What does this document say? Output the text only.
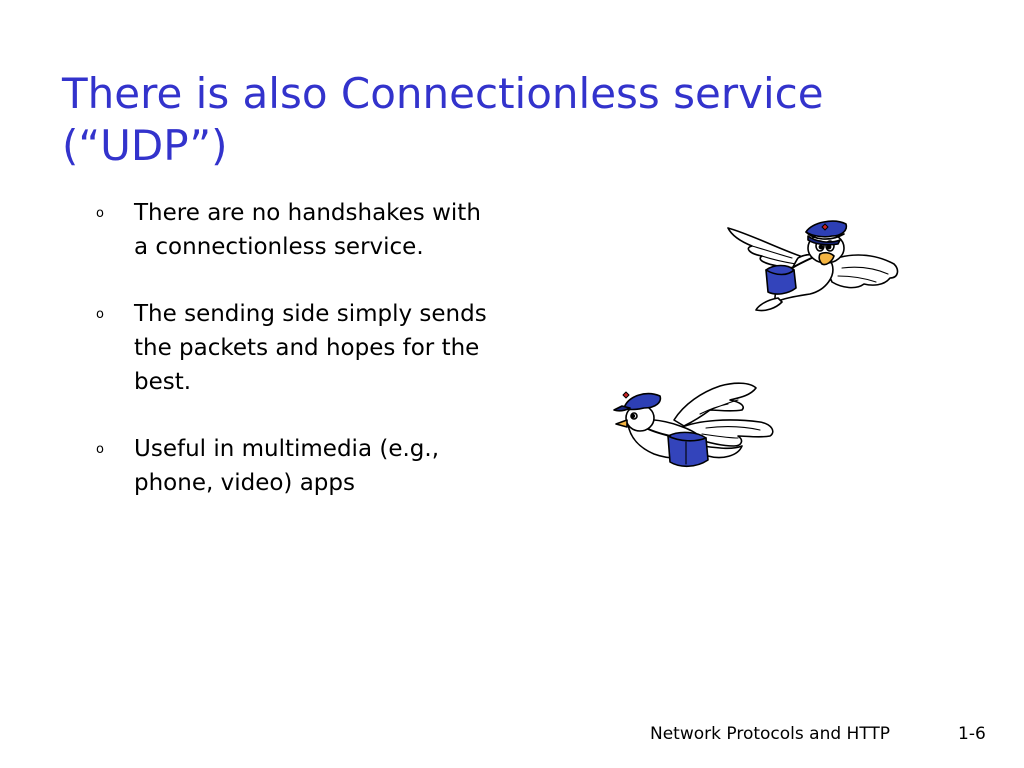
There is also Connectionless service (“UDP”)
o There are no handshakes with a connectionless service.
o The sending side simply sends the packets and hopes for the best.
o Useful in multimedia (e.g., phone, video) apps
Network Protocols and HTTP	1-6
